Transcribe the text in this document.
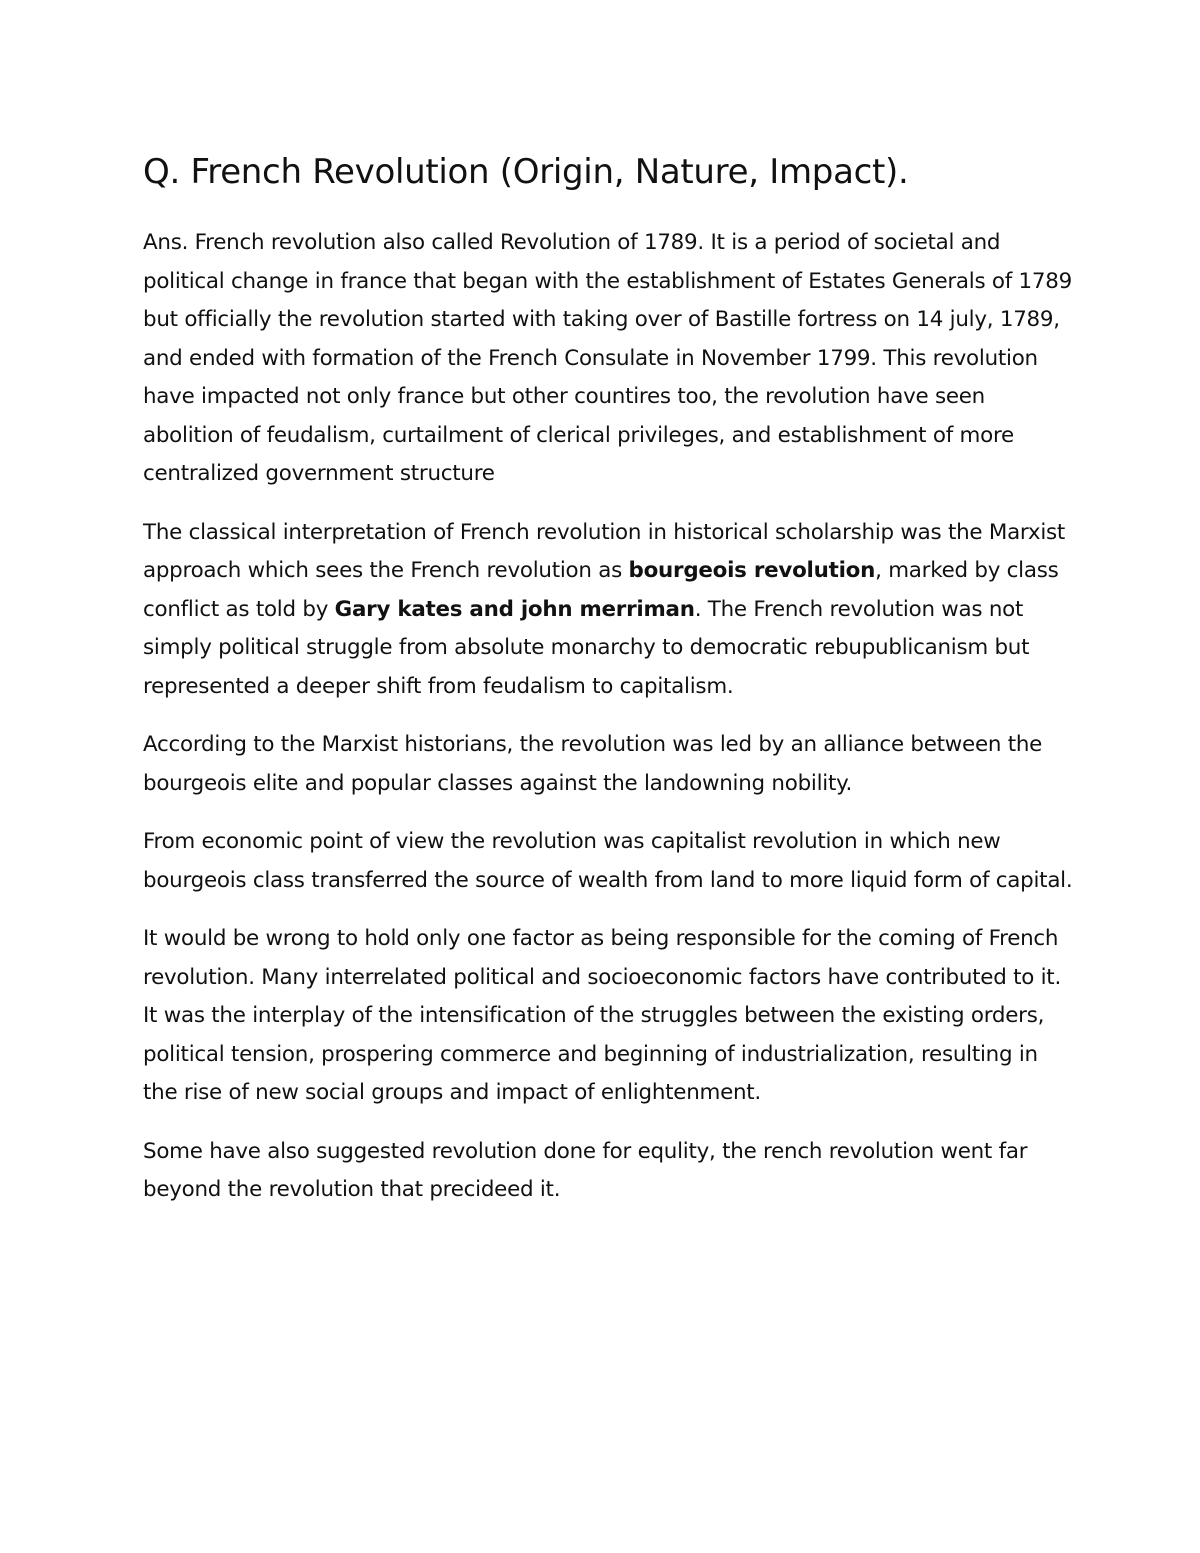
Q. French Revolution (Origin, Nature, Impact).

Ans. French revolution also called Revolution of 1789. It is a period of societal and political change in france that began with the establishment of Estates Generals of 1789 but officially the revolution started with taking over of Bastille fortress on 14 july, 1789, and ended with formation of the French Consulate in November 1799. This revolution have impacted not only france but other countires too, the revolution have seen abolition of feudalism, curtailment of clerical privileges, and establishment of more centralized government structure

The classical interpretation of French revolution in historical scholarship was the Marxist approach which sees the French revolution as bourgeois revolution, marked by class conflict as told by Gary kates and john merriman. The French revolution was not simply political struggle from absolute monarchy to democratic rebupublicanism but represented a deeper shift from feudalism to capitalism.

According to the Marxist historians, the revolution was led by an alliance between the bourgeois elite and popular classes against the landowning nobility.

From economic point of view the revolution was capitalist revolution in which new bourgeois class transferred the source of wealth from land to more liquid form of capital.

It would be wrong to hold only one factor as being responsible for the coming of French revolution. Many interrelated political and socioeconomic factors have contributed to it. It was the interplay of the intensification of the struggles between the existing orders, political tension, prospering commerce and beginning of industrialization, resulting in the rise of new social groups and impact of enlightenment.

Some have also suggested revolution done for equlity, the rench revolution went far beyond the revolution that precideed it.
